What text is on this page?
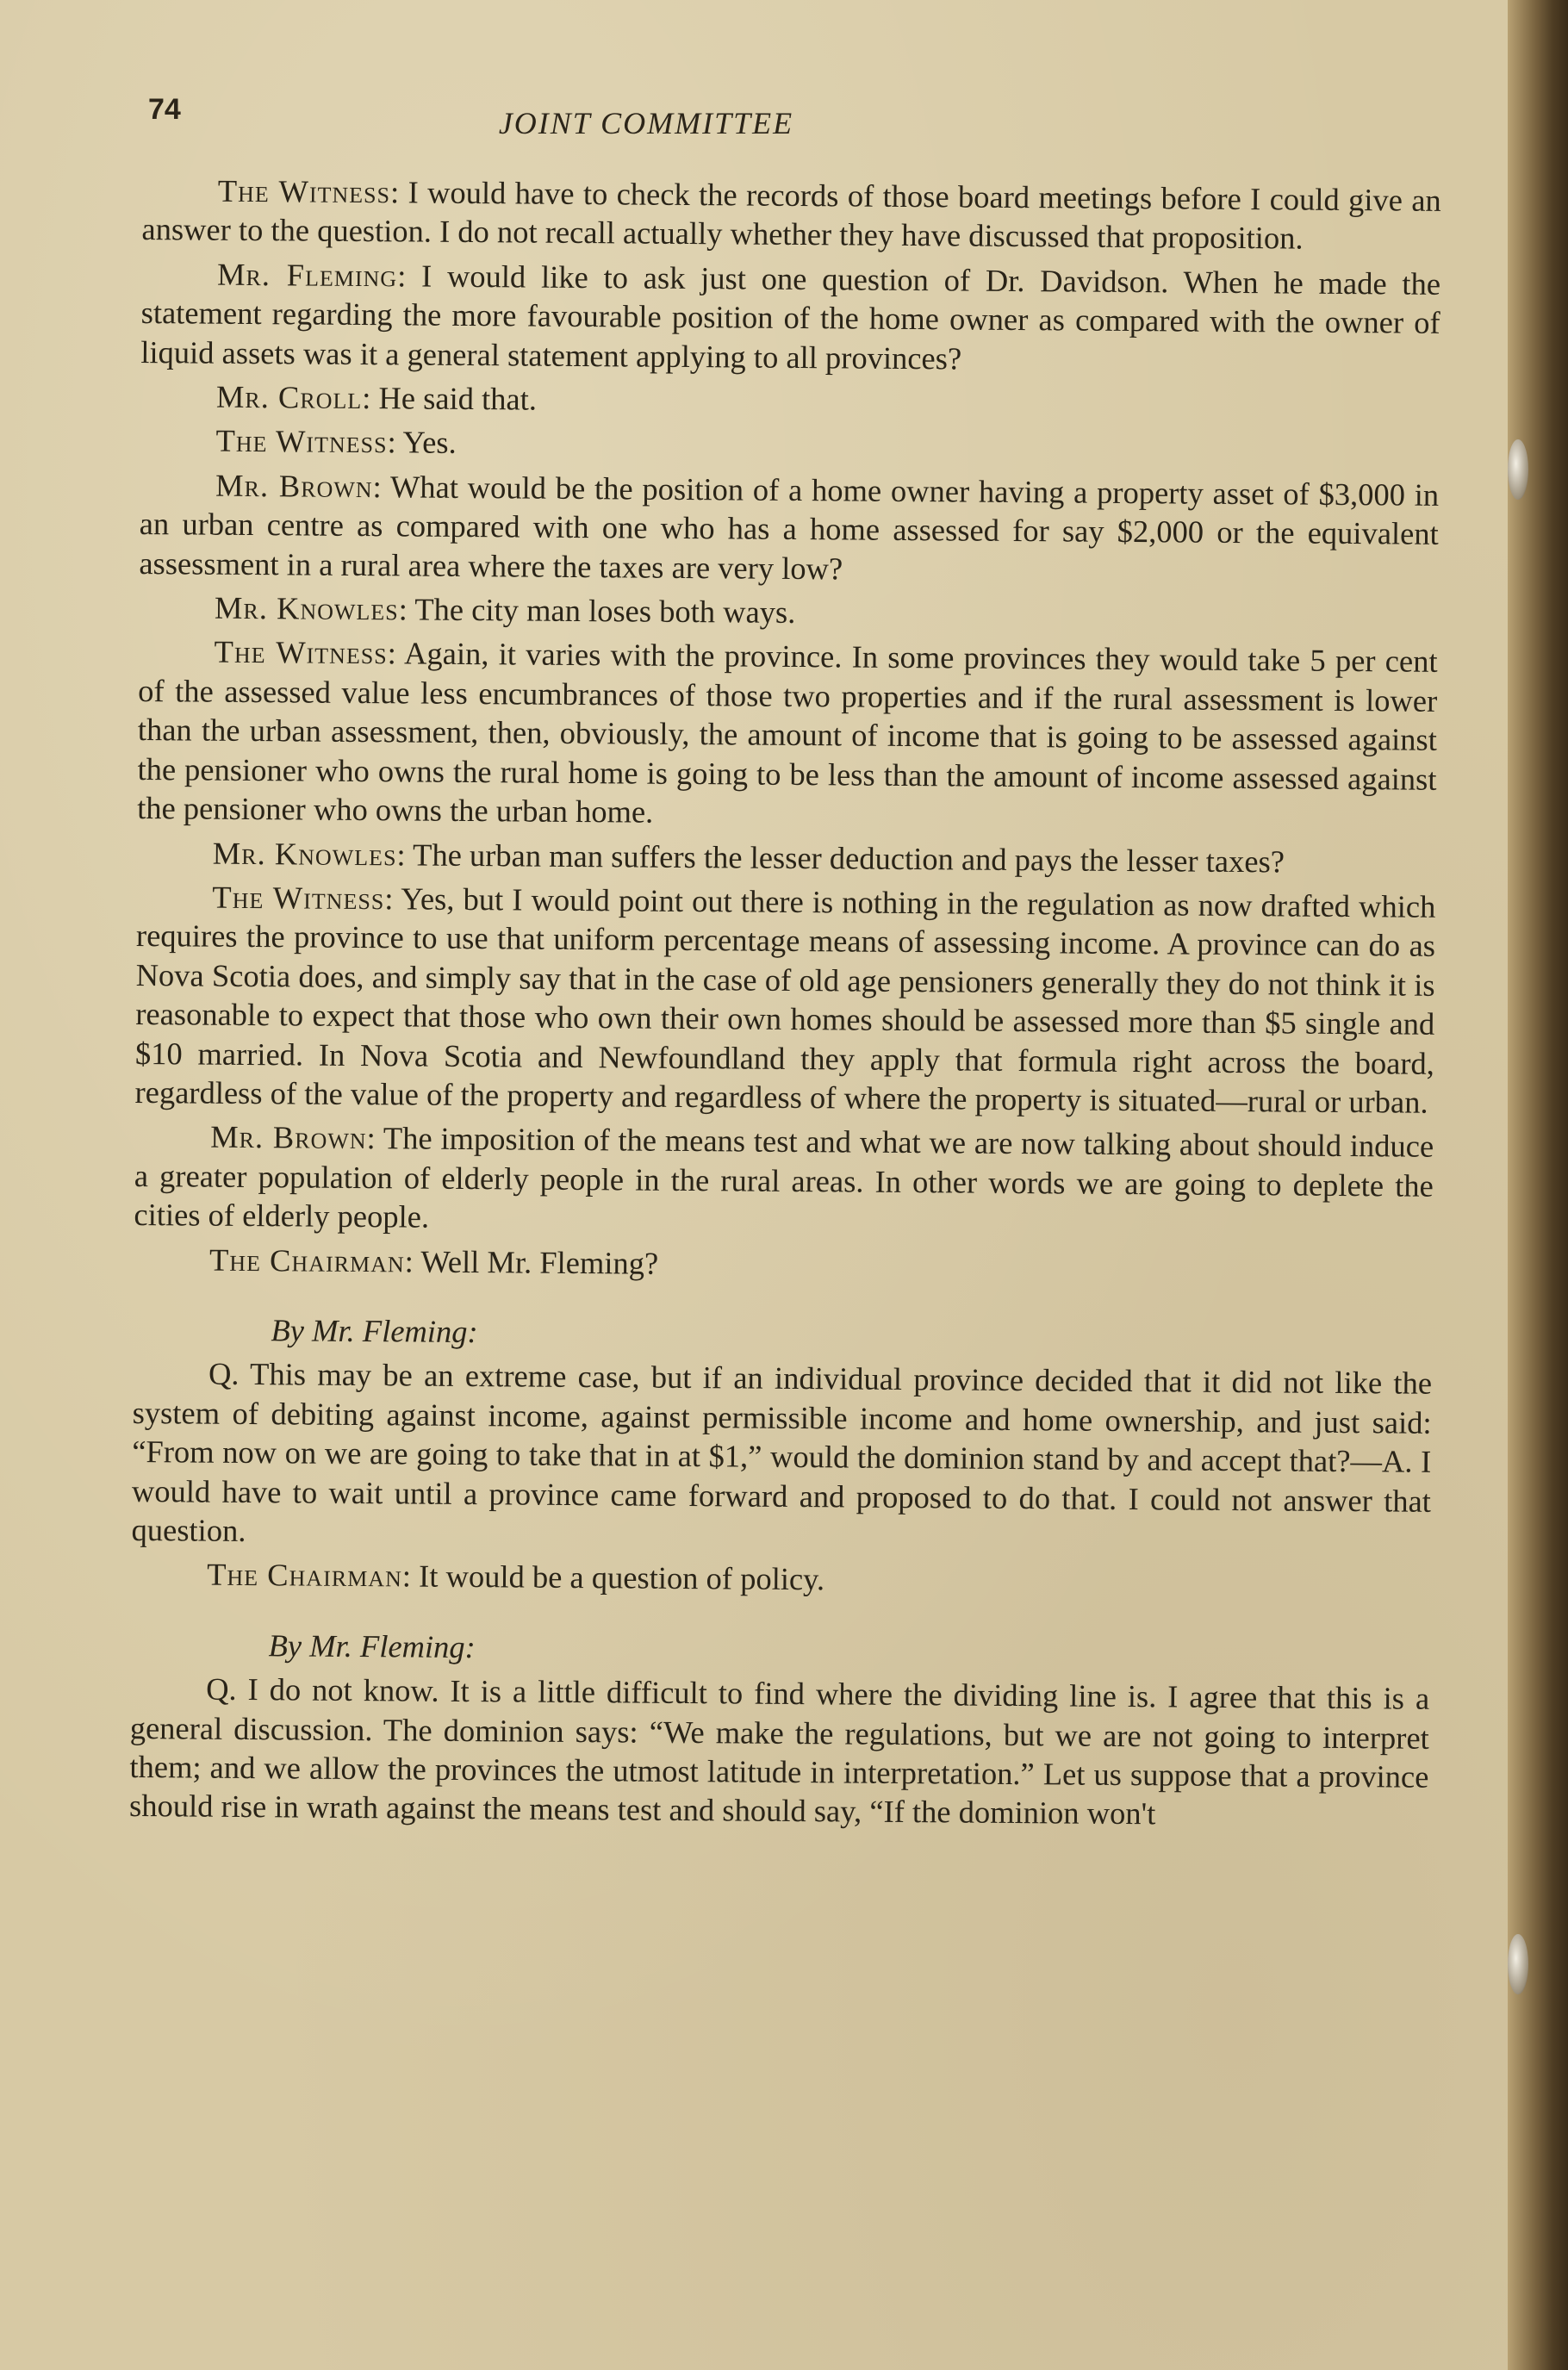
74	JOINT COMMITTEE

The Witness: I would have to check the records of those board meetings before I could give an answer to the question. I do not recall actually whether they have discussed that proposition.

Mr. Fleming: I would like to ask just one question of Dr. Davidson. When he made the statement regarding the more favourable position of the home owner as compared with the owner of liquid assets was it a general statement applying to all provinces?

Mr. Croll: He said that.

The Witness: Yes.

Mr. Brown: What would be the position of a home owner having a property asset of $3,000 in an urban centre as compared with one who has a home assessed for say $2,000 or the equivalent assessment in a rural area where the taxes are very low?

Mr. Knowles: The city man loses both ways.

The Witness: Again, it varies with the province. In some provinces they would take 5 per cent of the assessed value less encumbrances of those two properties and if the rural assessment is lower than the urban assessment, then, obviously, the amount of income that is going to be assessed against the pensioner who owns the rural home is going to be less than the amount of income assessed against the pensioner who owns the urban home.

Mr. Knowles: The urban man suffers the lesser deduction and pays the lesser taxes?

The Witness: Yes, but I would point out there is nothing in the regulation as now drafted which requires the province to use that uniform percentage means of assessing income. A province can do as Nova Scotia does, and simply say that in the case of old age pensioners generally they do not think it is reasonable to expect that those who own their own homes should be assessed more than $5 single and $10 married. In Nova Scotia and Newfoundland they apply that formula right across the board, regardless of the value of the property and regardless of where the property is situated—rural or urban.

Mr. Brown: The imposition of the means test and what we are now talking about should induce a greater population of elderly people in the rural areas. In other words we are going to deplete the cities of elderly people.

The Chairman: Well Mr. Fleming?

By Mr. Fleming:

Q. This may be an extreme case, but if an individual province decided that it did not like the system of debiting against income, against permissible income and home ownership, and just said: “From now on we are going to take that in at $1,” would the dominion stand by and accept that?—A. I would have to wait until a province came forward and proposed to do that. I could not answer that question.

The Chairman: It would be a question of policy.

By Mr. Fleming:

Q. I do not know. It is a little difficult to find where the dividing line is. I agree that this is a general discussion. The dominion says: “We make the regulations, but we are not going to interpret them; and we allow the provinces the utmost latitude in interpretation.” Let us suppose that a province should rise in wrath against the means test and should say, “If the dominion won't
